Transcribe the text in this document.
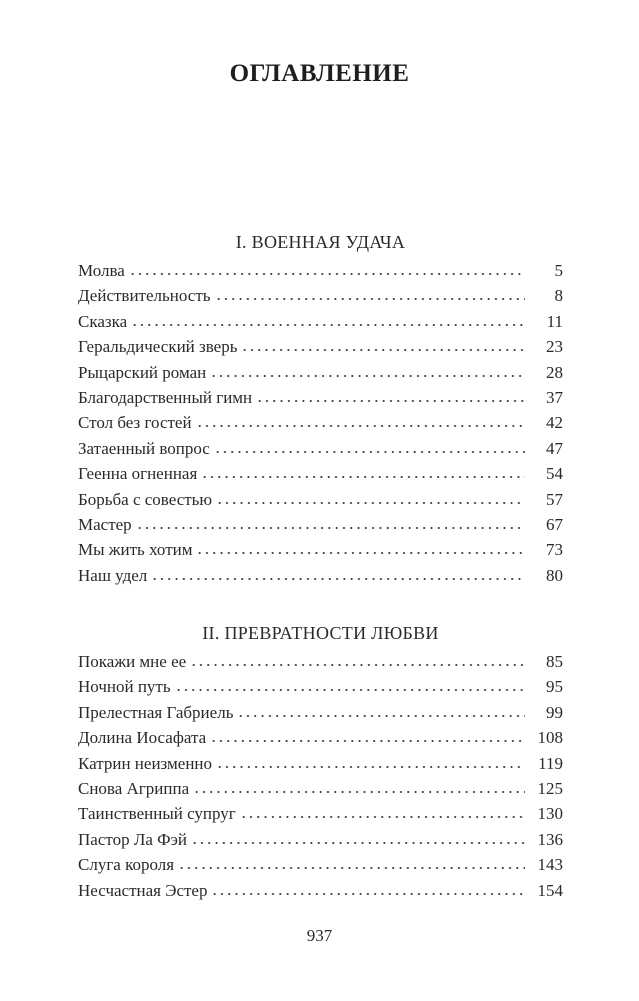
ОГЛАВЛЕНИЕ
I. ВОЕННАЯ УДАЧА
Молва	5
Действительность	8
Сказка	11
Геральдический зверь	23
Рыцарский роман	28
Благодарственный гимн	37
Стол без гостей	42
Затаенный вопрос	47
Геенна огненная	54
Борьба с совестью	57
Мастер	67
Мы жить хотим	73
Наш удел	80
II. ПРЕВРАТНОСТИ ЛЮБВИ
Покажи мне ее	85
Ночной путь	95
Прелестная Габриель	99
Долина Иосафата	108
Катрин неизменно	119
Снова Агриппа	125
Таинственный супруг	130
Пастор Ла Фэй	136
Слуга короля	143
Несчастная Эстер	154
937
